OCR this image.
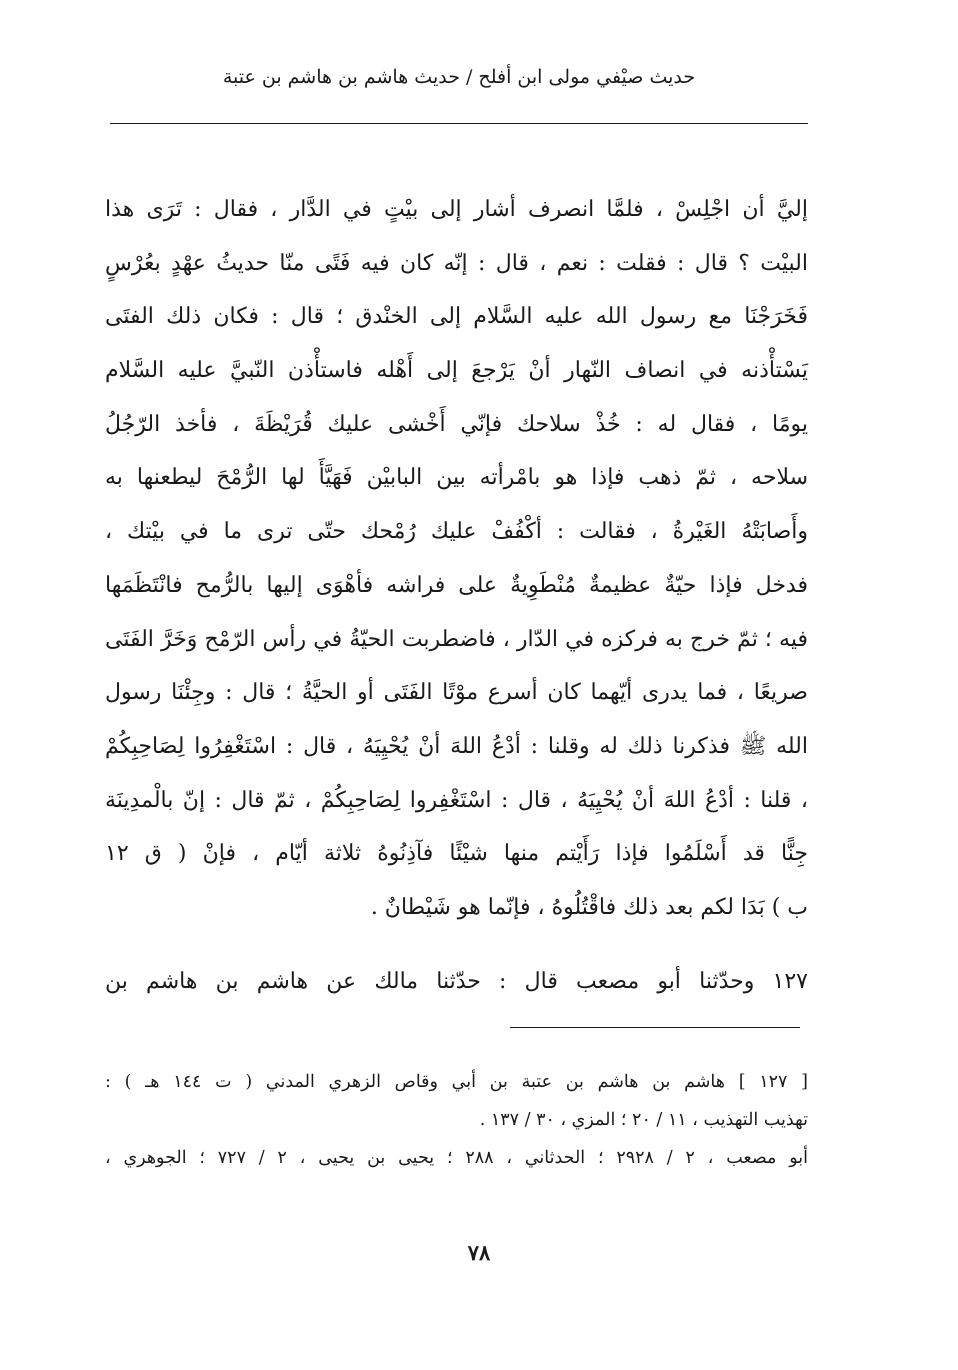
حديث صيْفي مولى ابن أفلح / حديث هاشم بن هاشم بن عتبة
إليَّ أن اجْلِسْ ، فلمَّا انصرف أشار إلى بيْتٍ في الدَّار ، فقال : تَرَى هذا
البيْت ؟ قال : فقلت : نعم ، قال : إنّه كان فيه فَتًى منّا حديثُ عهْدٍ بعُرْسٍ
فَخَرَجْنَا مع رسول الله عليه السَّلام إلى الخنْدق ؛ قال : فكان ذلك الفتَى
يَسْتأْذنه في انصاف النّهار أنْ يَرْجعَ إلى أَهْله فاستأْذن النّبيَّ عليه السَّلام
يومًا ، فقال له : خُذْ سلاحك فإنّي أَخْشى عليك قُرَيْظَةَ ، فأخذ الرّجُلُ
سلاحه ، ثمّ ذهب فإذا هو بامْرأته بين البابيْن فَهَيَّأَ لها الرُّمْحَ ليطعنها به
وأَصابَتْهُ الغَيْرةُ ، فقالت : أكْفُفْ عليك رُمْحك حتّى ترى ما في بيْتك ،
فدخل فإذا حيّةٌ عظيمةٌ مُنْطَوِيةٌ على فراشه فأهْوَى إليها بالرُّمح فانْتَظَمَها
فيه ؛ ثمّ خرج به فركزه في الدّار ، فاضطربت الحيّةُ في رأس الرّمْح وَخَرَّ الفَتَى
صريعًا ، فما يدرى أيّهما كان أسرع موْتًا الفَتَى أو الحيَّةُ ؛ قال : وجِئْنَا رسول
الله ﷺ فذكرنا ذلك له وقلنا : أدْعُ اللهَ أنْ يُحْيِيَهُ ، قال : اسْتَغْفِرُوا لِصَاحِبِكُمْ
، قلنا : أدْعُ اللهَ أنْ يُحْيِيَهُ ، قال : اسْتَغْفِروا لِصَاحِبِكُمْ ، ثمّ قال : إنّ بالْمدِينَة
جِنًّا قد أَسْلَمُوا فإذا رَأَيْتم منها شيْئًا فآذِنُوهُ ثلاثة أيّام ، فإنْ ( ق ١٢
ب ) بَدَا لكم بعد ذلك فاقْتُلُوهُ ، فإنّما هو شَيْطانٌ .
١٢٧ وحدّثنا أبو مصعب قال : حدّثنا مالك عن هاشم بن هاشم بن
[ ١٢٧ ] هاشم بن هاشم بن عتبة بن أبي وقاص الزهري المدني ( ت ١٤٤ هـ ) :
تهذيب التهذيب ، ١١ / ٢٠ ؛ المزي ، ٣٠ / ١٣٧ .
أبو مصعب ، ٢ / ٢٩٢٨ ؛ الحدثاني ، ٢٨٨ ؛ يحيى بن يحيى ، ٢ / ٧٢٧ ؛ الجوهري ،
٧٨
